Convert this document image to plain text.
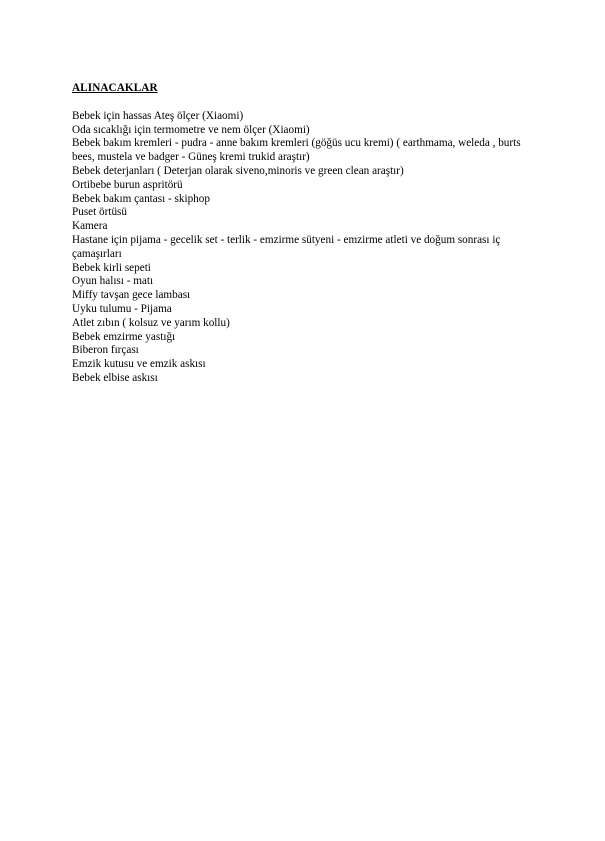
ALINACAKLAR
Bebek için hassas Ateş ölçer (Xiaomi)
Oda sıcaklığı için termometre ve nem ölçer (Xiaomi)
Bebek bakım kremleri - pudra - anne bakım kremleri (göğüs ucu kremi) ( earthmama, weleda , burts bees, mustela ve badger - Güneş kremi trukid araştır)
Bebek deterjanları ( Deterjan olarak siveno,minoris ve green clean araştır)
Ortibebe burun aspritörü
Bebek bakım çantası - skiphop
Puset örtüsü
Kamera
Hastane için pijama - gecelik set - terlik - emzirme sütyeni - emzirme atleti ve doğum sonrası iç çamaşırları
Bebek kirli sepeti
Oyun halısı - matı
Miffy tavşan gece lambası
Uyku tulumu - Pijama
Atlet zıbın ( kolsuz ve yarım kollu)
Bebek emzirme yastığı
Biberon fırçası
Emzik kutusu ve emzik askısı
Bebek elbise askısı
